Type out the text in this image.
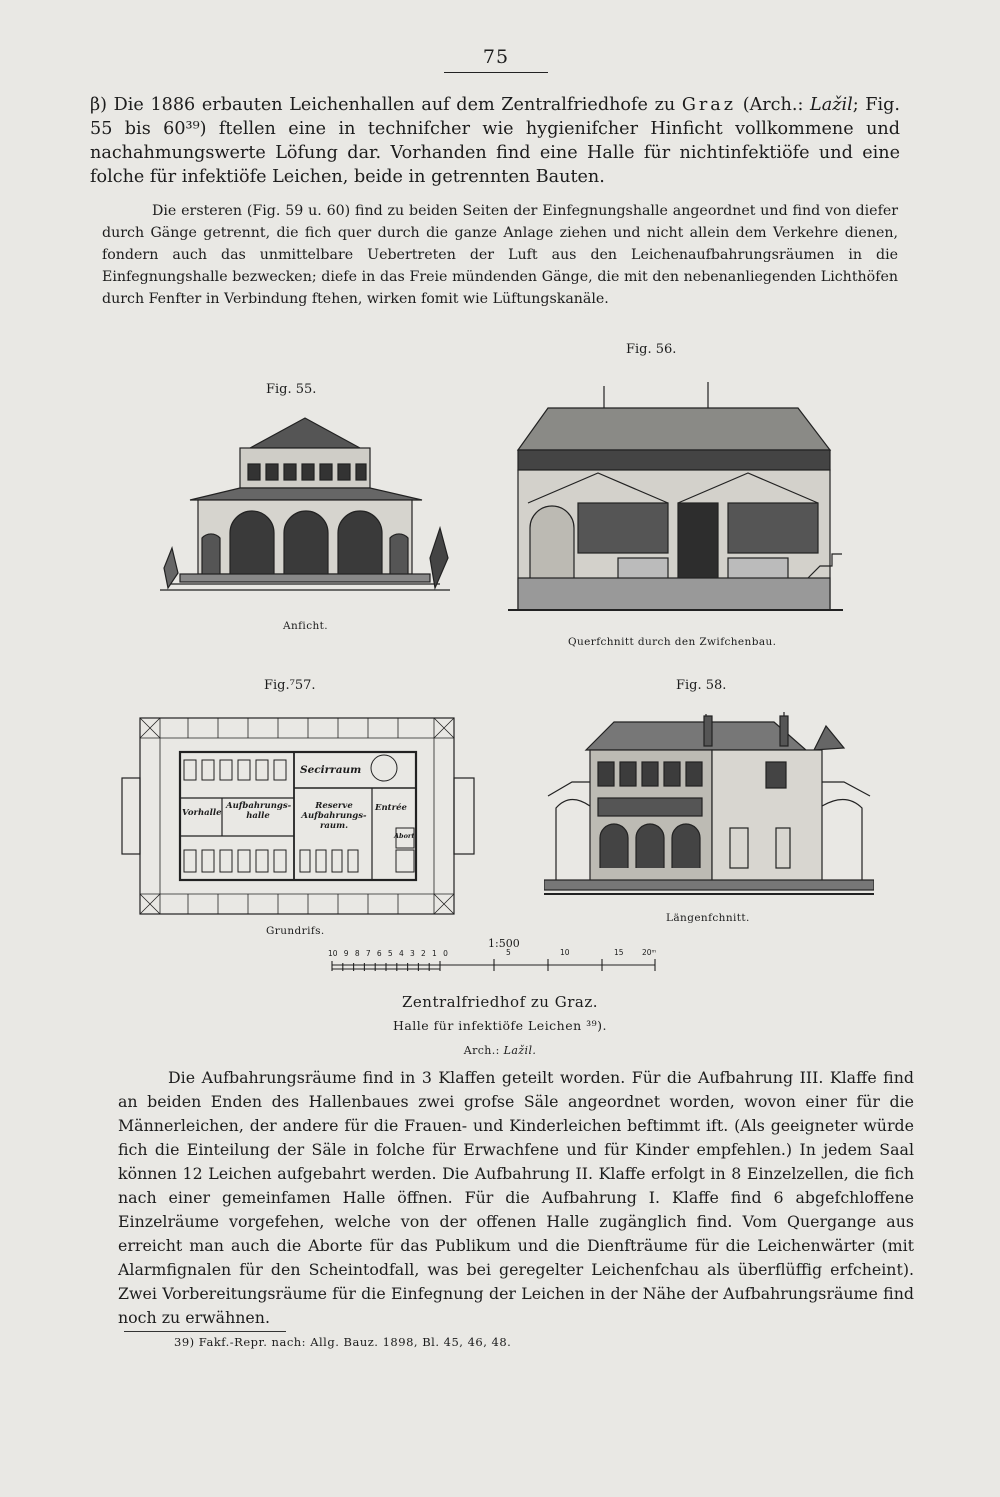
75
β) Die 1886 erbauten Leichenhallen auf dem Zentralfriedhofe zu Graz (Arch.: Lažil; Fig. 55 bis 60³⁹) ftellen eine in technifcher wie hygienifcher Hinficht vollkommene und nachahmungswerte Löfung dar. Vorhanden find eine Halle für nichtinfektiöfe und eine folche für infektiöfe Leichen, beide in getrennten Bauten.
Die ersteren (Fig. 59 u. 60) find zu beiden Seiten der Einfegnungshalle angeordnet und find von diefer durch Gänge getrennt, die fich quer durch die ganze Anlage ziehen und nicht allein dem Verkehre dienen, fondern auch das unmittelbare Uebertreten der Luft aus den Leichenaufbahrungsräumen in die Einfegnungshalle bezwecken; diefe in das Freie mündenden Gänge, die mit den nebenanliegenden Lichthöfen durch Fenfter in Verbindung ftehen, wirken fomit wie Lüftungskanäle.
Fig. 55.
Anficht.
Fig. 56.
Querfchnitt durch den Zwifchenbau.
Fig.⁷57.
Secirraum
Vorhalle
Aufbahrungs-
halle
Reserve
Aufbahrungs-
raum.
Entrée
Abort
Grundrifs.
Fig. 58.
Längenfchnitt.
1:500
10 9 8 7 6 5 4 3 2 1 0	5	10	15 20ᵐ
Zentralfriedhof zu Graz.
Halle für infektiöfe Leichen ³⁹).
Arch.: Lažil.
Die Aufbahrungsräume find in 3 Klaffen geteilt worden. Für die Aufbahrung III. Klaffe find an beiden Enden des Hallenbaues zwei grofse Säle angeordnet worden, wovon einer für die Männerleichen, der andere für die Frauen- und Kinderleichen beftimmt ift. (Als geeigneter würde fich die Einteilung der Säle in folche für Erwachfene und für Kinder empfehlen.) In jedem Saal können 12 Leichen aufgebahrt werden. Die Aufbahrung II. Klaffe erfolgt in 8 Einzelzellen, die fich nach einer gemeinfamen Halle öffnen. Für die Aufbahrung I. Klaffe find 6 abgefchloffene Einzelräume vorgefehen, welche von der offenen Halle zugänglich find. Vom Quergange aus erreicht man auch die Aborte für das Publikum und die Dienfträume für die Leichenwärter (mit Alarmfignalen für den Scheintodfall, was bei geregelter Leichenfchau als überflüffig erfcheint). Zwei Vorbereitungsräume für die Einfegnung der Leichen in der Nähe der Aufbahrungsräume find noch zu erwähnen.
39) Fakf.-Repr. nach: Allg. Bauz. 1898, Bl. 45, 46, 48.
